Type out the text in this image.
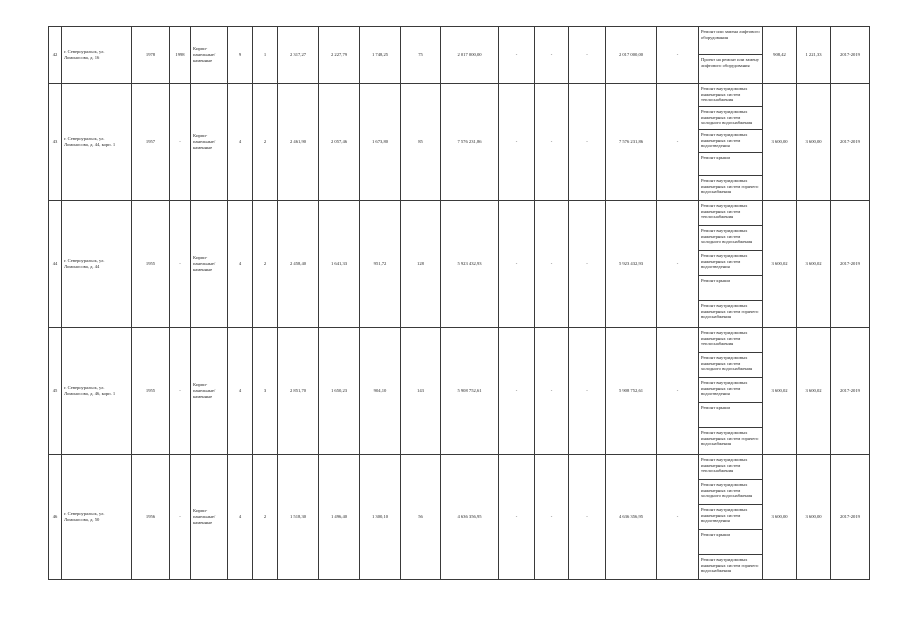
42	г. Североуральск, ул. Ломоносова, д. 16	1978	1998	Кирпи-панельные/каменные	9	1	2 317,27	2 227,79	1 748,25	75	2 017 000,00	-	-	-	2 017 000,00	-	Ремонт или замена лифтового оборудования	908,42	1 221,33	2017-2019
																	Проект на ремонт или замену лифтового оборудования			
43	г. Североуральск, ул. Ломоносова, д. 44, корп. 1	1957	-	Кирпи-панельные/каменные	4	2	2 461,90	2 057,46	1 673,80	85	7 576 231,86	-	-	-	7 576 231,86	-	Ремонт внутридомовых инженерных систем теплоснабжения	3 600,00	3 600,00	2017-2019
																	Ремонт внутридомовых инженерных систем холодного водоснабжения			
																	Ремонт внутридомовых инженерных систем водоотведения			
																	Ремонт крыши			
																	Ремонт внутридомовых инженерных систем горячего водоснабжения			
44	г. Североуральск, ул. Ломоносова, д. 44	1955	-	Кирпи-панельные/каменные	4	2	2 458,40	1 641,33	951,72	128	5 923 432,93	-	-	-	5 923 432,93	-	Ремонт внутридомовых инженерных систем теплоснабжения	3 600,02	3 600,02	2017-2019
																	Ремонт внутридомовых инженерных систем холодного водоснабжения			
																	Ремонт внутридомовых инженерных систем водоотведения			
																	Ремонт крыши			
																	Ремонт внутридомовых инженерных систем горячего водоснабжения			
45	г. Североуральск, ул. Ломоносова, д. 46, корп. 1	1955	-	Кирпи-панельные/каменные	4	3	2 851,70	1 650,23	904,10	143	5 908 752,61	-	-	-	5 908 752,61	-	Ремонт внутридомовых инженерных систем теплоснабжения	3 600,02	3 600,02	2017-2019
																	Ремонт внутридомовых инженерных систем холодного водоснабжения			
																	Ремонт внутридомовых инженерных систем водоотведения			
																	Ремонт крыши			
																	Ремонт внутридомовых инженерных систем горячего водоснабжения			
46	г. Североуральск, ул. Ломоносова, д. 50	1956	-	Кирпи-панельные/каменные	4	2	1 518,30	1 496,40	1 300,10	56	4 636 356,95	-	-	-	4 636 356,95	-	Ремонт внутридомовых инженерных систем теплоснабжения	3 600,00	3 600,00	2017-2019
																	Ремонт внутридомовых инженерных систем холодного водоснабжения			
																	Ремонт внутридомовых инженерных систем водоотведения			
																	Ремонт крыши			
																	Ремонт внутридомовых инженерных систем горячего водоснабжения			
